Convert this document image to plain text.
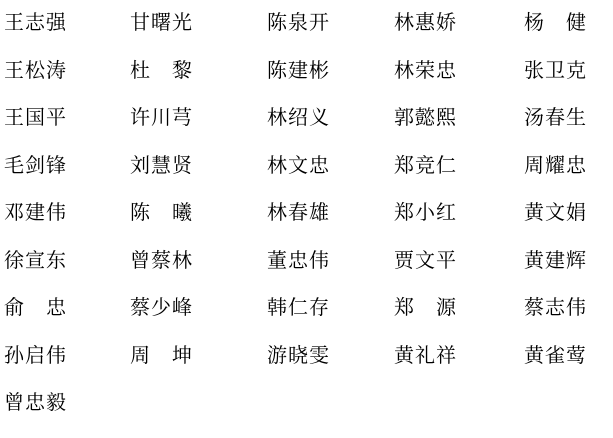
王志强	甘曙光	陈泉开	林惠娇	杨　健
王松涛	杜　黎	陈建彬	林荣忠	张卫克
王国平	许川芎	林绍义	郭懿熙	汤春生
毛剑锋	刘慧贤	林文忠	郑竞仁	周耀忠
邓建伟	陈　曦	林春雄	郑小红	黄文娟
徐宣东	曾蔡林	董忠伟	贾文平	黄建辉
俞　忠	蔡少峰	韩仁存	郑　源	蔡志伟
孙启伟	周　坤	游晓雯	黄礼祥	黄雀莺
曾忠毅
